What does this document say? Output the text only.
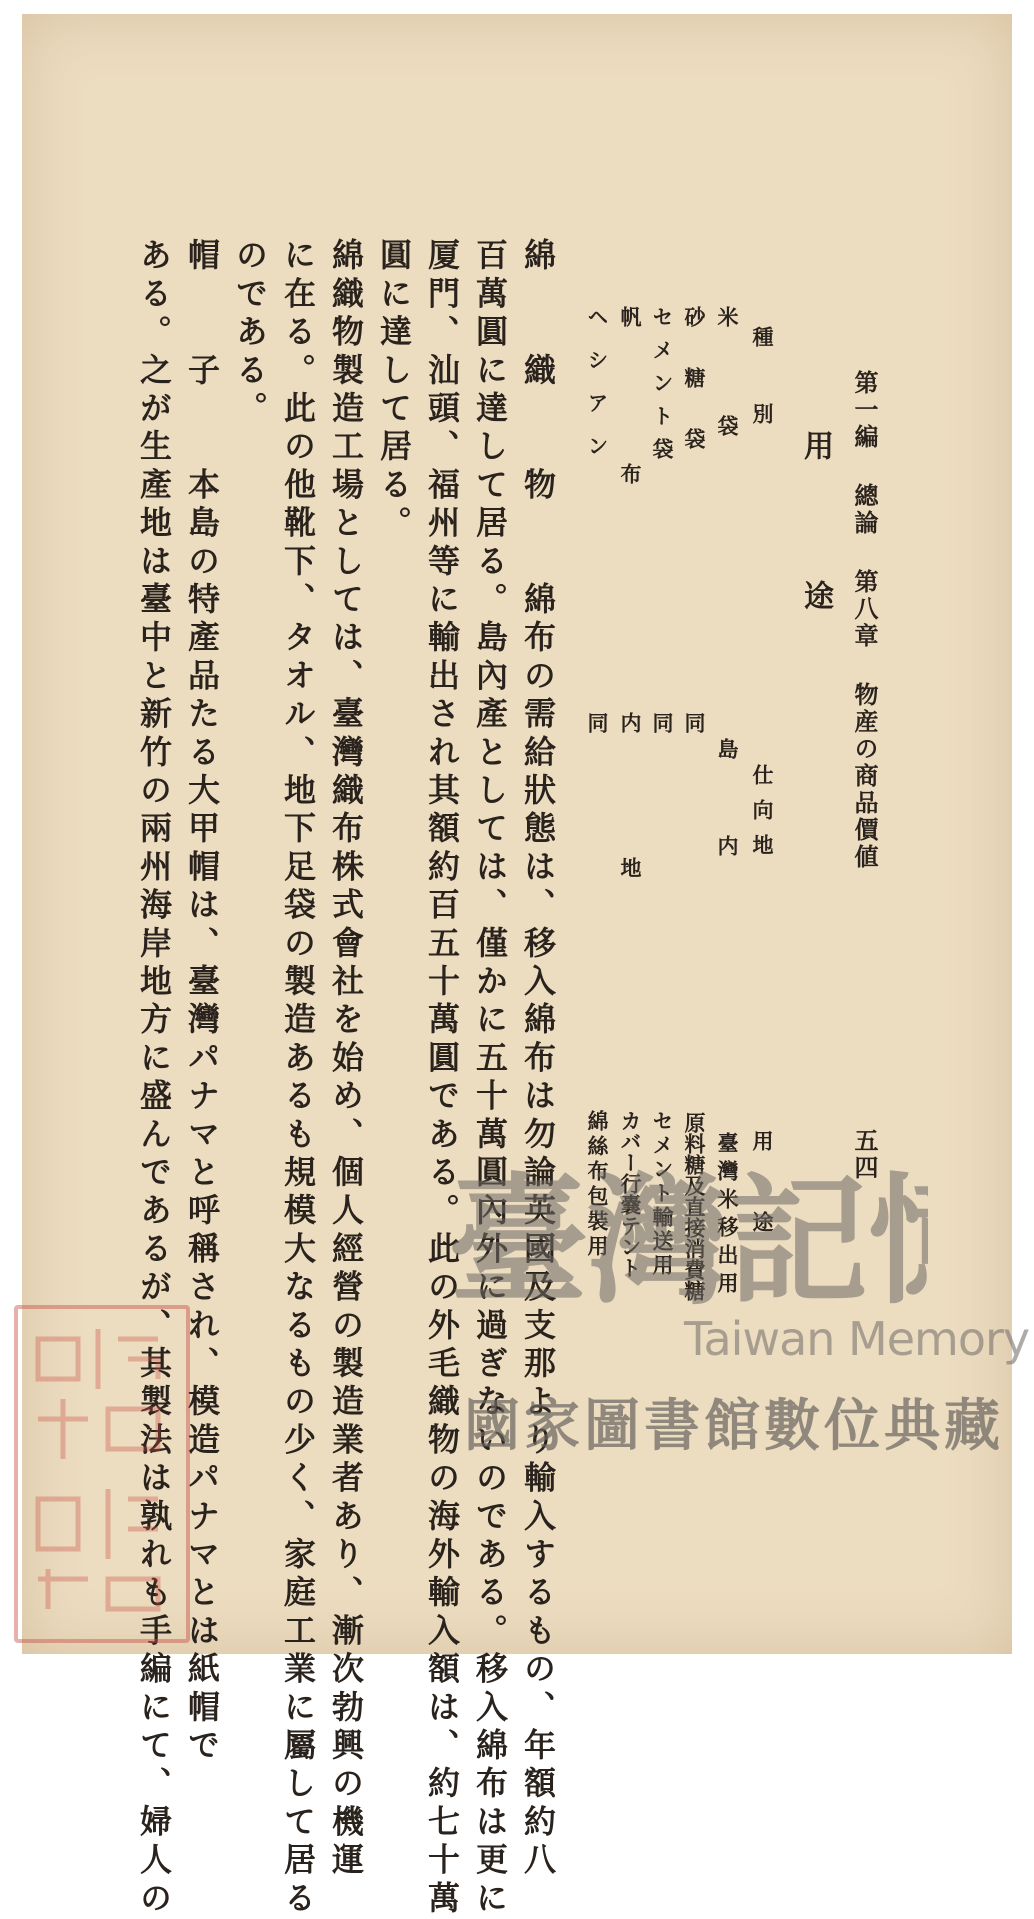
第一編 總論 第八章 物産の商品價値
五四
用途
種別
仕向地
用途
米袋
島内
臺灣米移出用
砂糖袋
同
原料糖及直接消費糖
セメント袋
同
セメント輸送用
帆布
内地
カバー行嚢テント
ヘシアン
同
綿絲布包裝用
綿　　織　　物　　綿布の需給狀態は、移入綿布は勿論英國及支那より輸入するもの、年額約八
百萬圓に達して居る。島內產としては、僅かに五十萬圓內外に過ぎないのである。移入綿布は更に
厦門、汕頭、福州等に輸出され其額約百五十萬圓である。此の外毛織物の海外輸入額は、約七十萬
圓に達して居る。
綿織物製造工場としては、臺灣織布株式會社を始め、個人經營の製造業者あり、漸次勃興の機運
に在る。此の他靴下、タオル、地下足袋の製造あるも規模大なるもの少く、家庭工業に屬して居る
のである。
帽　　子　　本島の特產品たる大甲帽は、臺灣パナマと呼稱され、模造パナマとは紙帽で
ある。之が生產地は臺中と新竹の兩州海岸地方に盛んであるが、其製法は孰れも手編にて、婦人の 臺灣記
Taiwan Memory
國家圖書館數位典藏
